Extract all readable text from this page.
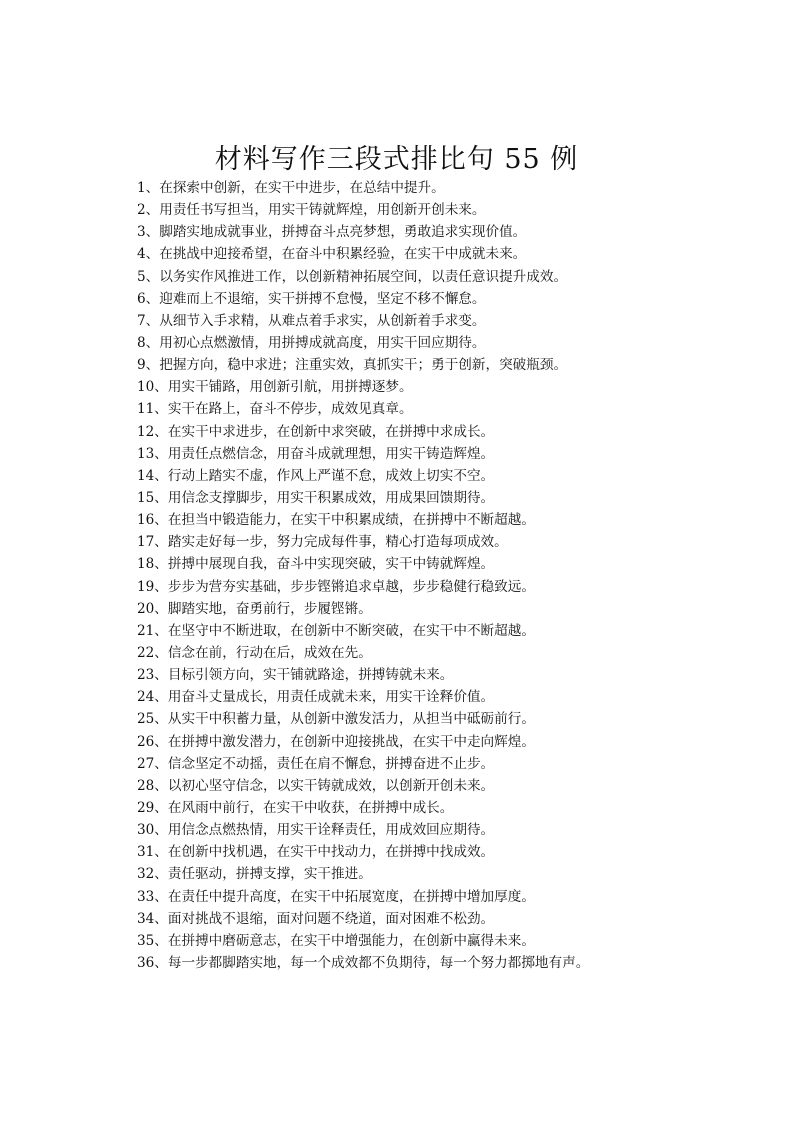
材料写作三段式排比句 55 例
1、在探索中创新，在实干中进步，在总结中提升。
2、用责任书写担当，用实干铸就辉煌，用创新开创未来。
3、脚踏实地成就事业，拼搏奋斗点亮梦想，勇敢追求实现价值。
4、在挑战中迎接希望，在奋斗中积累经验，在实干中成就未来。
5、以务实作风推进工作，以创新精神拓展空间，以责任意识提升成效。
6、迎难而上不退缩，实干拼搏不怠慢，坚定不移不懈怠。
7、从细节入手求精，从难点着手求实，从创新着手求变。
8、用初心点燃激情，用拼搏成就高度，用实干回应期待。
9、把握方向，稳中求进；注重实效，真抓实干；勇于创新，突破瓶颈。
10、用实干铺路，用创新引航，用拼搏逐梦。
11、实干在路上，奋斗不停步，成效见真章。
12、在实干中求进步，在创新中求突破，在拼搏中求成长。
13、用责任点燃信念，用奋斗成就理想，用实干铸造辉煌。
14、行动上踏实不虚，作风上严谨不怠，成效上切实不空。
15、用信念支撑脚步，用实干积累成效，用成果回馈期待。
16、在担当中锻造能力，在实干中积累成绩，在拼搏中不断超越。
17、踏实走好每一步，努力完成每件事，精心打造每项成效。
18、拼搏中展现自我，奋斗中实现突破，实干中铸就辉煌。
19、步步为营夯实基础，步步铿锵追求卓越，步步稳健行稳致远。
20、脚踏实地，奋勇前行，步履铿锵。
21、在坚守中不断进取，在创新中不断突破，在实干中不断超越。
22、信念在前，行动在后，成效在先。
23、目标引领方向，实干铺就路途，拼搏铸就未来。
24、用奋斗丈量成长，用责任成就未来，用实干诠释价值。
25、从实干中积蓄力量，从创新中激发活力，从担当中砥砺前行。
26、在拼搏中激发潜力，在创新中迎接挑战，在实干中走向辉煌。
27、信念坚定不动摇，责任在肩不懈怠，拼搏奋进不止步。
28、以初心坚守信念，以实干铸就成效，以创新开创未来。
29、在风雨中前行，在实干中收获，在拼搏中成长。
30、用信念点燃热情，用实干诠释责任，用成效回应期待。
31、在创新中找机遇，在实干中找动力，在拼搏中找成效。
32、责任驱动，拼搏支撑，实干推进。
33、在责任中提升高度，在实干中拓展宽度，在拼搏中增加厚度。
34、面对挑战不退缩，面对问题不绕道，面对困难不松劲。
35、在拼搏中磨砺意志，在实干中增强能力，在创新中赢得未来。
36、每一步都脚踏实地，每一个成效都不负期待，每一个努力都掷地有声。
